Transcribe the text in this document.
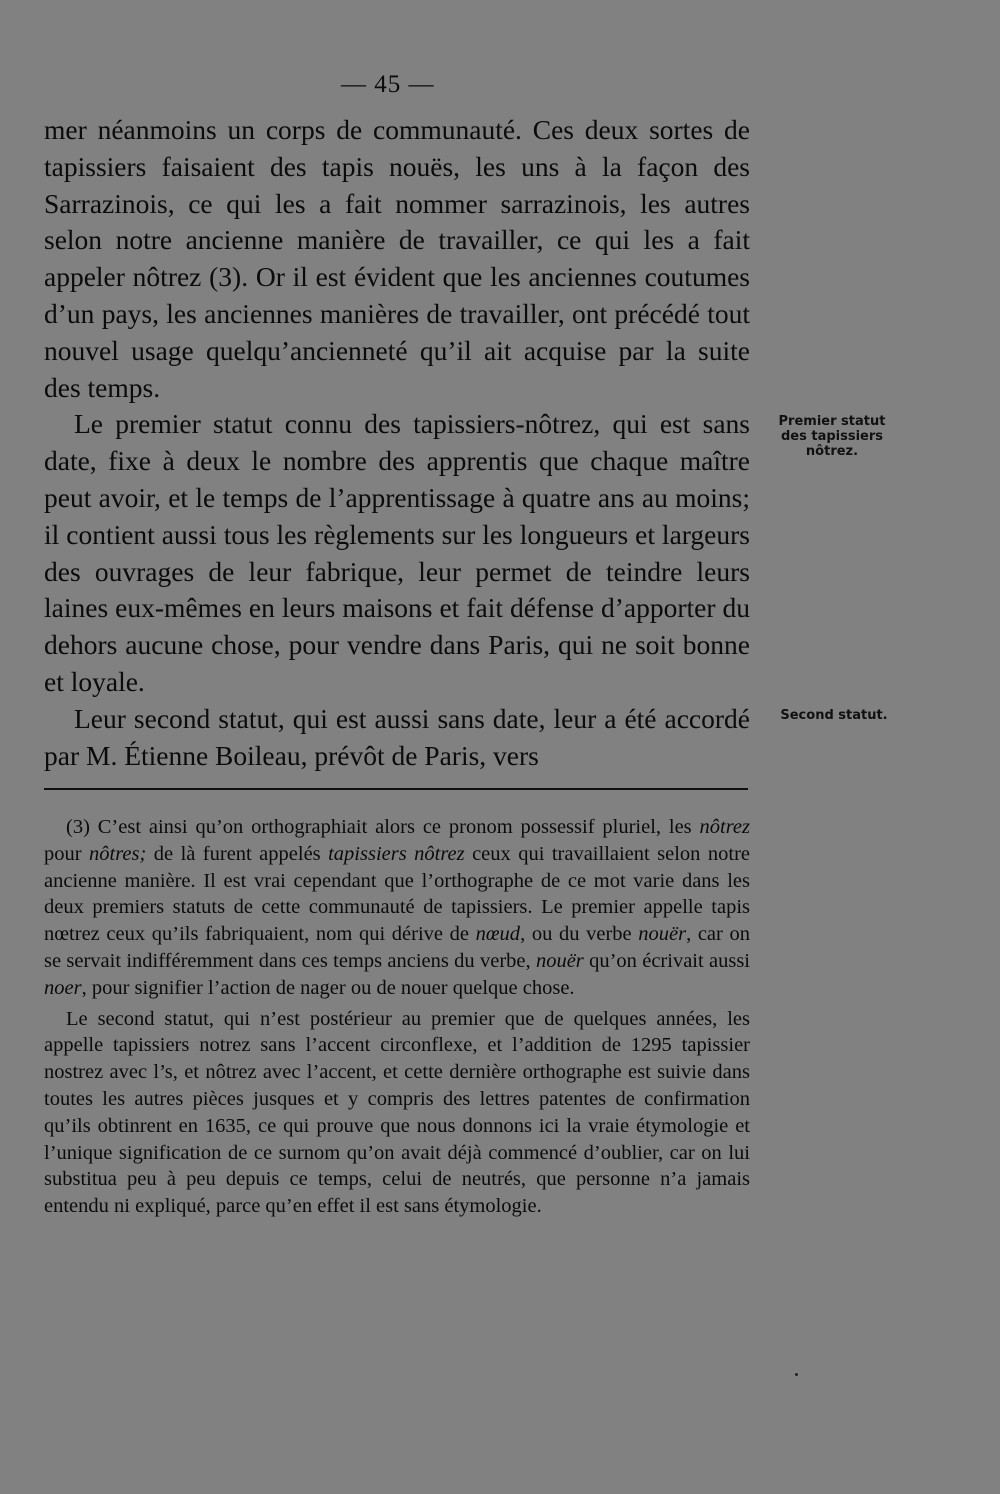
— 45 —

mer néanmoins un corps de communauté. Ces deux sortes de tapissiers faisaient des tapis nouës, les uns à la façon des Sarrazinois, ce qui les a fait nommer sarrazinois, les autres selon notre ancienne manière de travailler, ce qui les a fait appeler nôtrez (3). Or il est évident que les anciennes coutumes d’un pays, les anciennes manières de travailler, ont précédé tout nouvel usage quelqu’ancienneté qu’il ait acquise par la suite des temps.

Le premier statut connu des tapissiers-nôtrez, qui est sans date, fixe à deux le nombre des apprentis que chaque maître peut avoir, et le temps de l’apprentissage à quatre ans au moins; il contient aussi tous les règlements sur les longueurs et largeurs des ouvrages de leur fabrique, leur permet de teindre leurs laines eux-mêmes en leurs maisons et fait défense d’apporter du dehors aucune chose, pour vendre dans Paris, qui ne soit bonne et loyale.

Leur second statut, qui est aussi sans date, leur a été accordé par M. Étienne Boileau, prévôt de Paris, vers

Premier statut
des tapissiers
nôtrez.
Second statut.

(3) C’est ainsi qu’on orthographiait alors ce pronom possessif pluriel, les nôtrez pour nôtres; de là furent appelés tapissiers nôtrez ceux qui travaillaient selon notre ancienne manière. Il est vrai cependant que l’orthographe de ce mot varie dans les deux premiers statuts de cette communauté de tapissiers. Le premier appelle tapis nœtrez ceux qu’ils fabriquaient, nom qui dérive de nœud, ou du verbe nouër, car on se servait indifféremment dans ces temps anciens du verbe, nouër qu’on écrivait aussi noer, pour signifier l’action de nager ou de nouer quelque chose.

Le second statut, qui n’est postérieur au premier que de quelques années, les appelle tapissiers notrez sans l’accent circonflexe, et l’addition de 1295 tapissier nostrez avec l’s, et nôtrez avec l’accent, et cette dernière orthographe est suivie dans toutes les autres pièces jusques et y compris des lettres patentes de confirmation qu’ils obtinrent en 1635, ce qui prouve que nous donnons ici la vraie étymologie et l’unique signification de ce surnom qu’on avait déjà commencé d’oublier, car on lui substitua peu à peu depuis ce temps, celui de neutrés, que personne n’a jamais entendu ni expliqué, parce qu’en effet il est sans étymologie.
